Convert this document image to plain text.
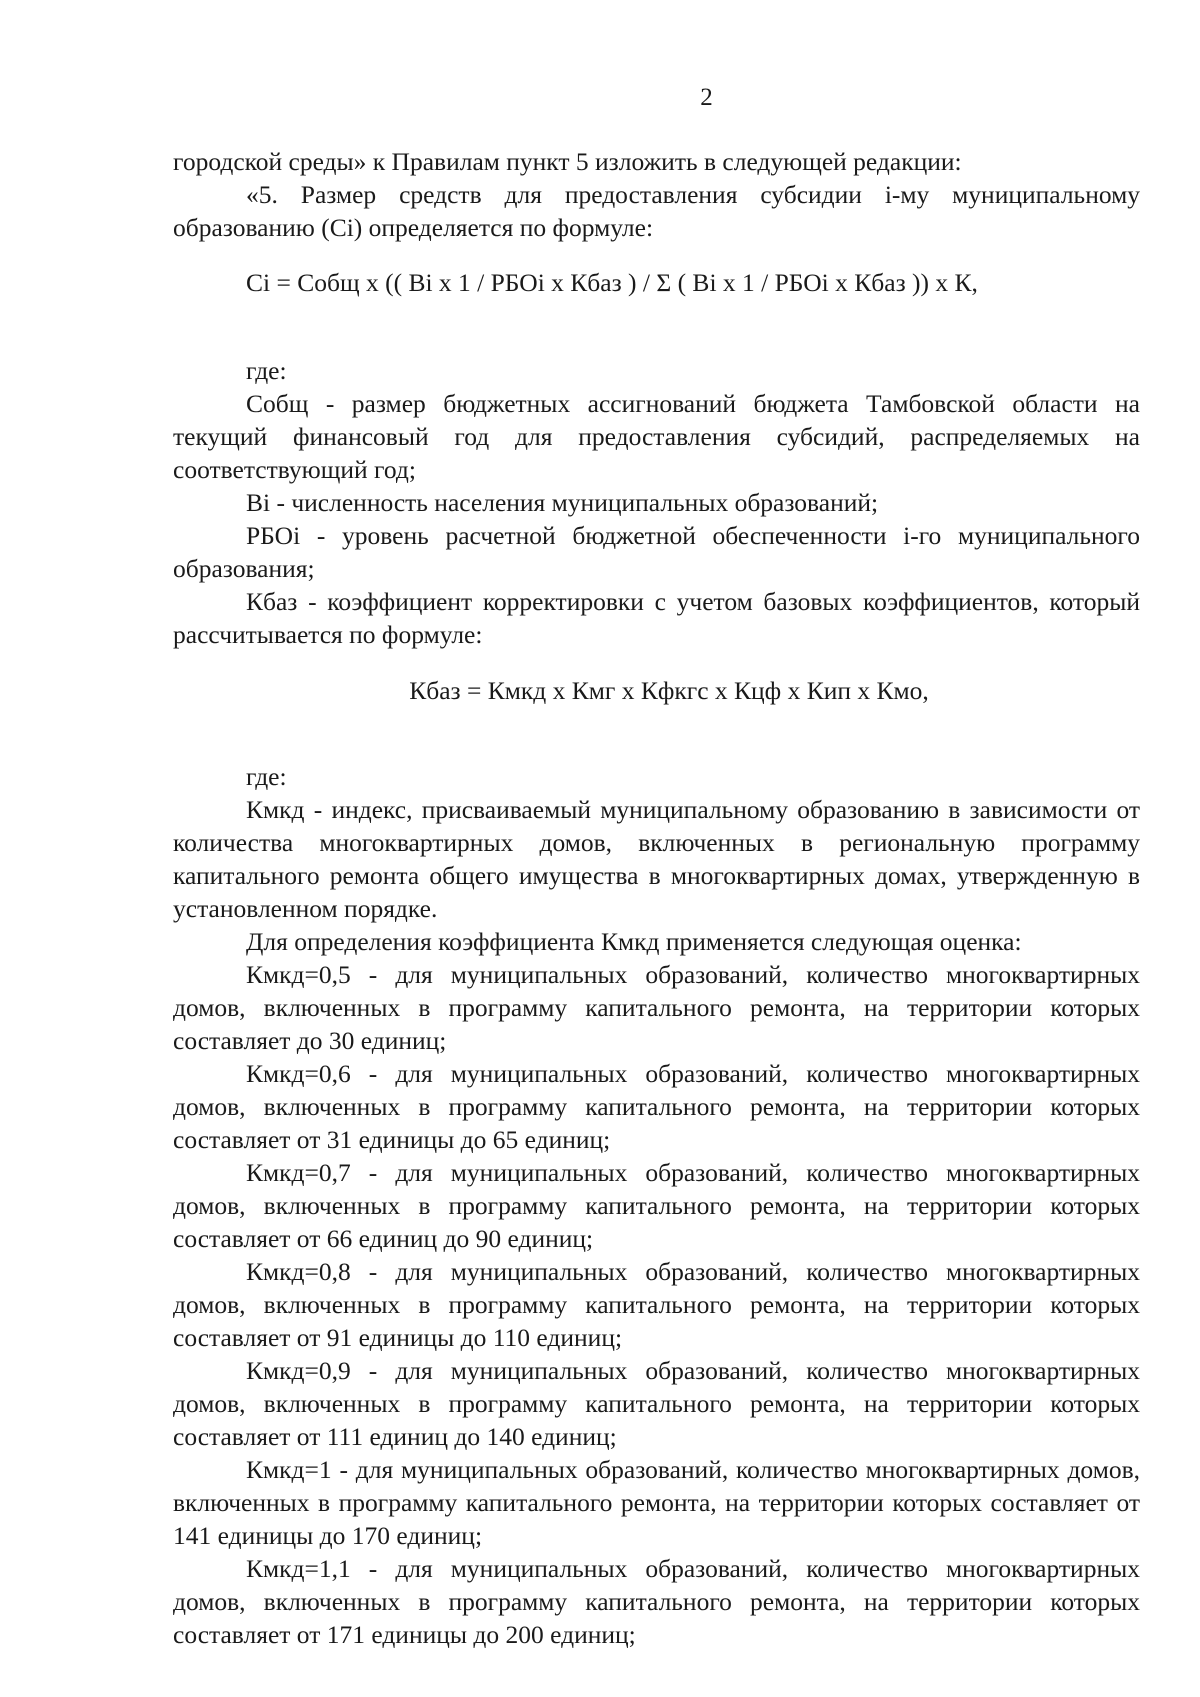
2

городской среды» к Правилам пункт 5 изложить в следующей редакции:

«5. Размер средств для предоставления субсидии i-му муниципальному образованию (Ci) определяется по формуле:

Ci = Собщ х (( Bi х 1 / РБОi х Кбаз ) / Σ ( Bi х 1 / РБОi х Кбаз )) х К,

где:

Собщ - размер бюджетных ассигнований бюджета Тамбовской области на текущий финансовый год для предоставления субсидий, распределяемых на соответствующий год;

Bi - численность населения муниципальных образований;

РБОi - уровень расчетной бюджетной обеспеченности i-го муниципального образования;

Кбаз - коэффициент корректировки с учетом базовых коэффициентов, который рассчитывается по формуле:

Кбаз = Кмкд х Кмг х Кфкгс х Кцф х Кип х Кмо,

где:

Кмкд - индекс, присваиваемый муниципальному образованию в зависимости от количества многоквартирных домов, включенных в региональную программу капитального ремонта общего имущества в многоквартирных домах, утвержденную в установленном порядке.

Для определения коэффициента Кмкд применяется следующая оценка:

Кмкд=0,5 - для муниципальных образований, количество многоквартирных домов, включенных в программу капитального ремонта, на территории которых составляет до 30 единиц;

Кмкд=0,6 - для муниципальных образований, количество многоквартирных домов, включенных в программу капитального ремонта, на территории которых составляет от 31 единицы до 65 единиц;

Кмкд=0,7 - для муниципальных образований, количество многоквартирных домов, включенных в программу капитального ремонта, на территории которых составляет от 66 единиц до 90 единиц;

Кмкд=0,8 - для муниципальных образований, количество многоквартирных домов, включенных в программу капитального ремонта, на территории которых составляет от 91 единицы до 110 единиц;

Кмкд=0,9 - для муниципальных образований, количество многоквартирных домов, включенных в программу капитального ремонта, на территории которых составляет от 111 единиц до 140 единиц;

Кмкд=1 - для муниципальных образований, количество многоквартирных домов, включенных в программу капитального ремонта, на территории которых составляет от 141 единицы до 170 единиц;

Кмкд=1,1 - для муниципальных образований, количество многоквартирных домов, включенных в программу капитального ремонта, на территории которых составляет от 171 единицы до 200 единиц;
